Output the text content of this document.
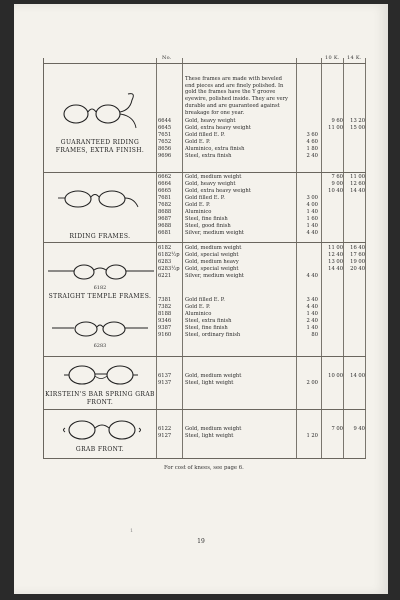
No.	10 K. 14 K.
These frames are made with beveled end pieces and are finely polished. In gold the frames have the Y groove eyewire, polished inside. They are very durable and are guaranteed against breakage for one year.
GUARANTEED RIDING FRAMES, EXTRA FINISH.
6644	Gold, heavy weight	9 60	13 20
6645	Gold, extra heavy weight	11 00	15 00
7651	Gold filled E. P.	3 60
7652	Gold E. P.	4 60
8656	Aluminico, extra finish	1 80
9696	Steel, extra finish	2 40
RIDING FRAMES.
6662	Gold, medium weight	7 60	11 00
6664	Gold, heavy weight	9 00	12 60
6665	Gold, extra heavy weight	10 40	14 40
7681	Gold filled E. P.	3 00
7682	Gold E. P.	4 00
8688	Aluminico	1 40
9687	Steel, fine finish	1 60
9688	Steel, good finish	1 40
6681	Silver, medium weight	4 40
6182
STRAIGHT TEMPLE FRAMES.
6283
6182	Gold, medium weight	11 00	16 40
6182½p	Gold, special weight	12 40	17 60
6283	Gold, medium heavy	13 00	19 00
6283½p	Gold, special weight	14 40	20 40
6221	Silver, medium weight	4 40
7381	Gold filled E. P.	3 40
7382	Gold E. P.	4 40
8188	Aluminico	1 40
9346	Steel, extra finish	2 40
9387	Steel, fine finish	1 40
9160	Steel, ordinary finish	80
KIRSTEIN'S BAR SPRING GRAB FRONT.
6137	Gold, medium weight	10 00	14 00
9137	Steel, light weight	2 00
GRAB FRONT.
6122	Gold, medium weight	7 00	9 40
9127	Steel, light weight	1 20
For cost of knees, see page 6.
1
19
